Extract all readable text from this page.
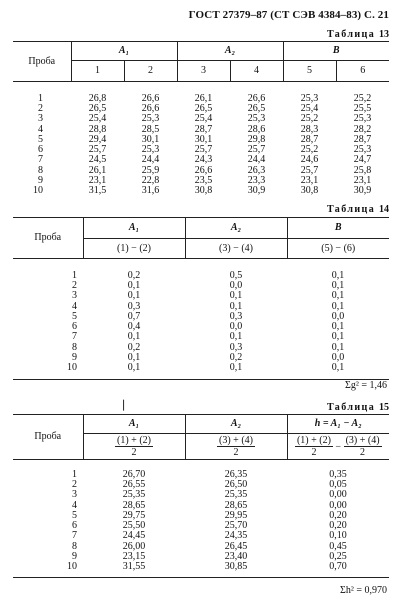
ГОСТ 27379–87 (СТ СЭВ 4384–83) С. 21
Таблица 13
Проба	A₁		A₂		B	
	1	2	3	4	5	6

1	26,8	26,6	26,1	26,6	25,3	25,2
2	26,5	26,6	26,5	26,5	25,4	25,5
3	25,4	25,3	25,4	25,3	25,2	25,3
4	28,8	28,5	28,7	28,6	28,3	28,2
5	29,4	30,1	30,1	29,8	28,7	28,7
6	25,7	25,3	25,7	25,7	25,2	25,3
7	24,5	24,4	24,3	24,4	24,6	24,7
8	26,1	25,9	26,6	26,3	25,7	25,8
9	23,1	22,8	23,5	23,3	23,1	23,1
10	31,5	31,6	30,8	30,9	30,8	30,9
Таблица 14
Проба	A₁	A₂	B
	(1) − (2)	(3) − (4)	(5) − (6)

1	0,2	0,5	0,1
2	0,1	0,0	0,1
3	0,1	0,1	0,1
4	0,3	0,1	0,1
5	0,7	0,3	0,0
6	0,4	0,0	0,1
7	0,1	0,1	0,1
8	0,2	0,3	0,1
9	0,1	0,2	0,0
10	0,1	0,1	0,1

Σg² = 1,46
❘	Таблица 15
Проба	A₁	A₂	h = A₁ − A₂

	$\frac{(1) + (2)}{2}$	$\frac{(3) + (4)}{2}$	$\frac{(1) + (2)}{2} - \frac{(3) + (4)}{2}$

1	26,70	26,35	0,35
2	26,55	26,50	0,05
3	25,35	25,35	0,00
4	28,65	28,65	0,00
5	29,75	29,95	0,20
6	25,50	25,70	0,20
7	24,45	24,35	0,10
8	26,00	26,45	0,45
9	23,15	23,40	0,25
10	31,55	30,85	0,70

Σh² = 0,970
